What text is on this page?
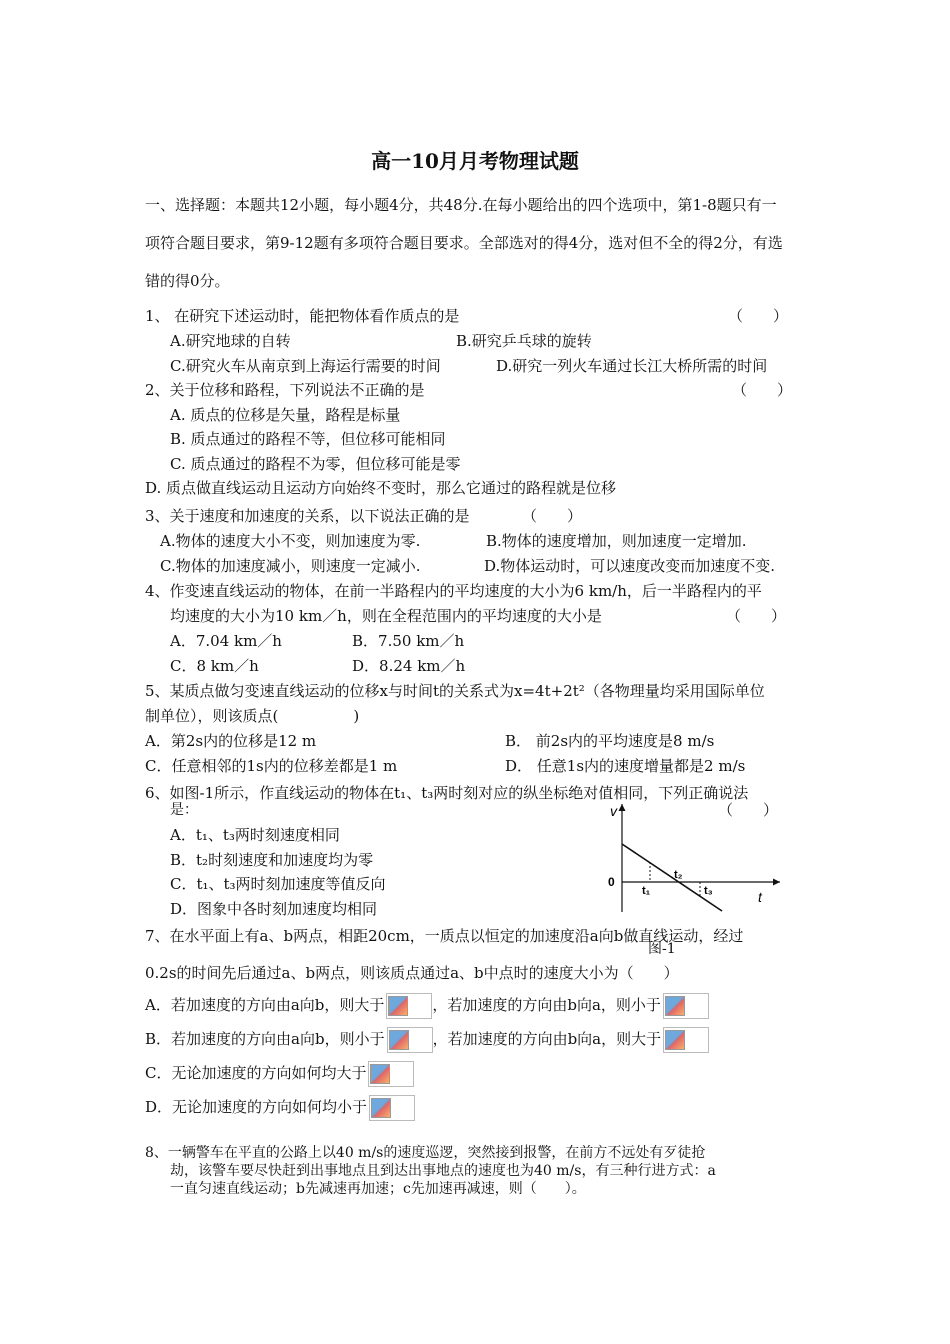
高一10月月考物理试题
一、选择题：本题共12小题，每小题4分，共48分.在每小题给出的四个选项中，第1-8题只有一
项符合题目要求，第9-12题有多项符合题目要求。全部选对的得4分，选对但不全的得2分，有选
错的得0分。
1、 在研究下述运动时，能把物体看作质点的是	（　　）
A.研究地球的自转	B.研究乒乓球的旋转
C.研究火车从南京到上海运行需要的时间	D.研究一列火车通过长江大桥所需的时间
2、关于位移和路程，下列说法不正确的是	（　　）
A. 质点的位移是矢量，路程是标量
B. 质点通过的路程不等，但位移可能相同
C. 质点通过的路程不为零，但位移可能是零
D. 质点做直线运动且运动方向始终不变时，那么它通过的路程就是位移
3、关于速度和加速度的关系，以下说法正确的是	（　　）
A.物体的速度大小不变，则加速度为零.	B.物体的速度增加，则加速度一定增加.
C.物体的加速度减小，则速度一定减小.	D.物体运动时，可以速度改变而加速度不变.
4、作变速直线运动的物体，在前一半路程内的平均速度的大小为6 km/h，后一半路程内的平
均速度的大小为10 km／h，则在全程范围内的平均速度的大小是	（　　）
A．7.04 km／h	B．7.50 km／h
C．8 km／h	D．8.24 km／h
5、某质点做匀变速直线运动的位移x与时间t的关系式为x=4t+2t²（各物理量均采用国际单位
制单位），则该质点(　　　　　)
A．第2s内的位移是12 m	B． 前2s内的平均速度是8 m/s
C．任意相邻的1s内的位移差都是1 m	D． 任意1s内的速度增量都是2 m/s
6、如图-1所示，作直线运动的物体在t₁、t₃两时刻对应的纵坐标绝对值相同，下列正确说法
是：	（　　）
A．t₁、t₃两时刻速度相同
B．t₂时刻速度和加速度均为零
C．t₁、t₃两时刻加速度等值反向
D．图象中各时刻加速度均相同
v
t
0
t₁
t₂
t₃
图-1
7、在水平面上有a、b两点，相距20cm，一质点以恒定的加速度沿a向b做直线运动，经过
0.2s的时间先后通过a、b两点，则该质点通过a、b中点时的速度大小为（　　）
A．若加速度的方向由a向b，则大于	，若加速度的方向由b向a，则小于
B．若加速度的方向由a向b，则小于	，若加速度的方向由b向a，则大于
C．无论加速度的方向如何均大于
D．无论加速度的方向如何均小于
8、一辆警车在平直的公路上以40 m/s的速度巡逻，突然接到报警，在前方不远处有歹徒抢
劫，该警车要尽快赶到出事地点且到达出事地点的速度也为40 m/s，有三种行进方式：a
一直匀速直线运动；b先减速再加速；c先加速再减速，则（　　）。
